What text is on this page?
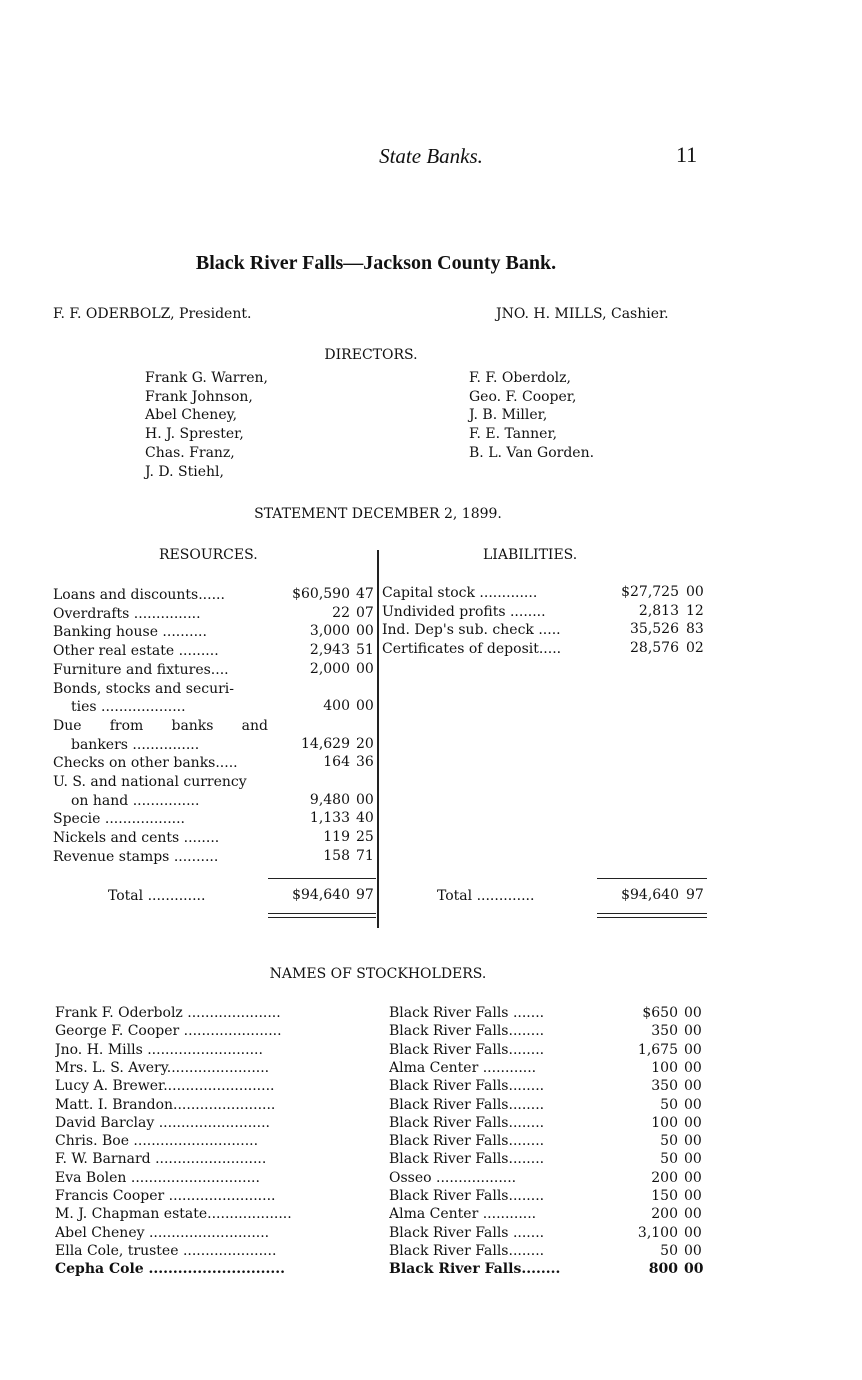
State Banks.	11
Black River Falls—Jackson County Bank.
F. F. ODERBOLZ, President.	JNO. H. MILLS, Cashier.
DIRECTORS.
Frank G. Warren,
Frank Johnson,
Abel Cheney,
H. J. Sprester,
Chas. Franz,
J. D. Stiehl,
F. F. Oberdolz,
Geo. F. Cooper,
J. B. Miller,
F. E. Tanner,
B. L. Van Gorden.
STATEMENT DECEMBER 2, 1899.
RESOURCES.	LIABILITIES.
Loans and discounts......	$60,590 47
Overdrafts ...............	22 07
Banking house ..........	3,000 00
Other real estate .........	2,943 51
Furniture and fixtures....	2,000 00
Bonds, stocks and securi-
ties ...................	400 00
Due from banks and
bankers ...............	14,629 20
Checks on other banks.....	164 36
U. S. and national currency
on hand ...............	9,480 00
Specie ..................	1,133 40
Nickels and cents ........	119 25
Revenue stamps ..........	158 71
Capital stock .............	$27,725 00
Undivided profits ........	2,813 12
Ind. Dep's sub. check .....	35,526 83
Certificates of deposit.....	28,576 02
Total .............	$94,640 97	Total .............	$94,640 97
NAMES OF STOCKHOLDERS.
Frank F. Oderbolz .....................	Black River Falls .......	$650 00
George F. Cooper ......................	Black River Falls........	350 00
Jno. H. Mills ..........................	Black River Falls........	1,675 00
Mrs. L. S. Avery.......................	Alma Center ............	100 00
Lucy A. Brewer.........................	Black River Falls........	350 00
Matt. I. Brandon.......................	Black River Falls........	50 00
David Barclay .........................	Black River Falls........	100 00
Chris. Boe ............................	Black River Falls........	50 00
F. W. Barnard .........................	Black River Falls........	50 00
Eva Bolen .............................	Osseo ..................	200 00
Francis Cooper ........................	Black River Falls........	150 00
M. J. Chapman estate...................	Alma Center ............	200 00
Abel Cheney ...........................	Black River Falls .......	3,100 00
Ella Cole, trustee .....................	Black River Falls........	50 00
Cepha Cole ............................	Black River Falls........	800 00
